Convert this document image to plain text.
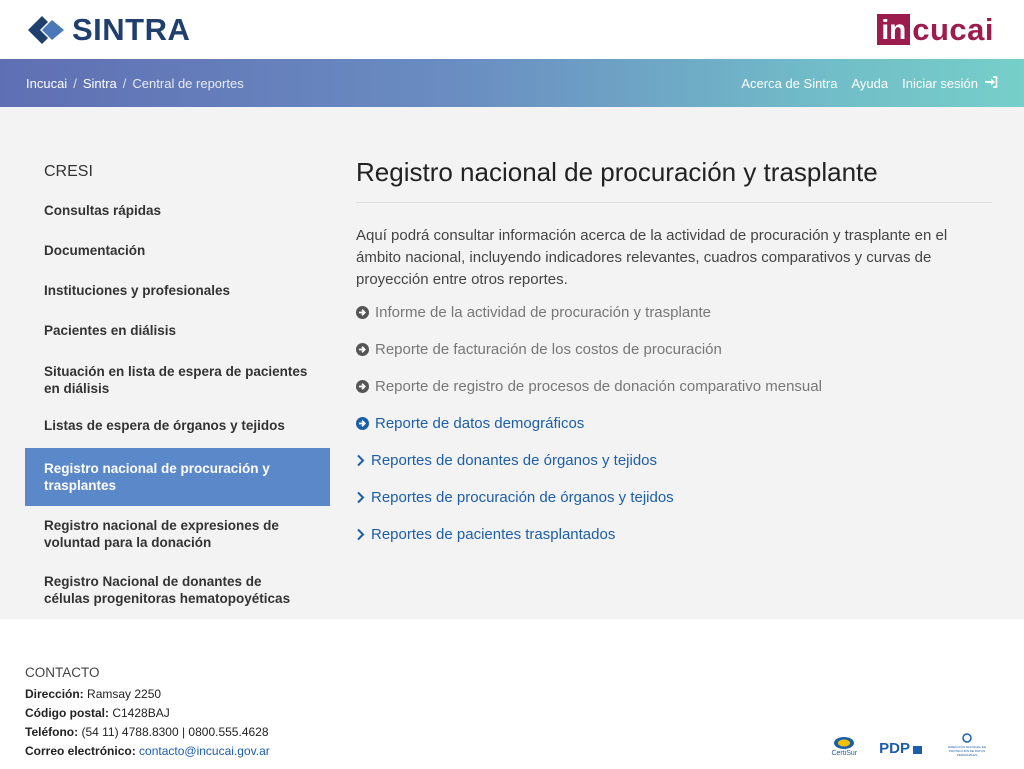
SINTRA	in cucai
Incucai / Sintra / Central de reportes	Acerca de Sintra Ayuda Iniciar sesión
CRESI
Consultas rápidas
Documentación
Instituciones y profesionales
Pacientes en diálisis
Situación en lista de espera de pacientes en diálisis
Listas de espera de órganos y tejidos
Registro nacional de procuración y trasplantes
Registro nacional de expresiones de voluntad para la donación
Registro Nacional de donantes de células progenitoras hematopoyéticas
Registro nacional de procuración y trasplante

Aquí podrá consultar información acerca de la actividad de procuración y trasplante en el ámbito nacional, incluyendo indicadores relevantes, cuadros comparativos y curvas de proyección entre otros reportes.

Informe de la actividad de procuración y trasplante
Reporte de facturación de los costos de procuración
Reporte de registro de procesos de donación comparativo mensual
Reporte de datos demográficos
Reportes de donantes de órganos y tejidos
Reportes de procuración de órganos y tejidos
Reportes de pacientes trasplantados
CONTACTO
Dirección: Ramsay 2250
Código postal: C1428BAJ
Teléfono: (54 11) 4788.8300 | 0800.555.4628
Correo electrónico: contacto@incucai.gov.ar	CertiSur PDP	DIRECCIÓN NACIONAL DE PROTECCIÓN DE DATOS PERSONALES
